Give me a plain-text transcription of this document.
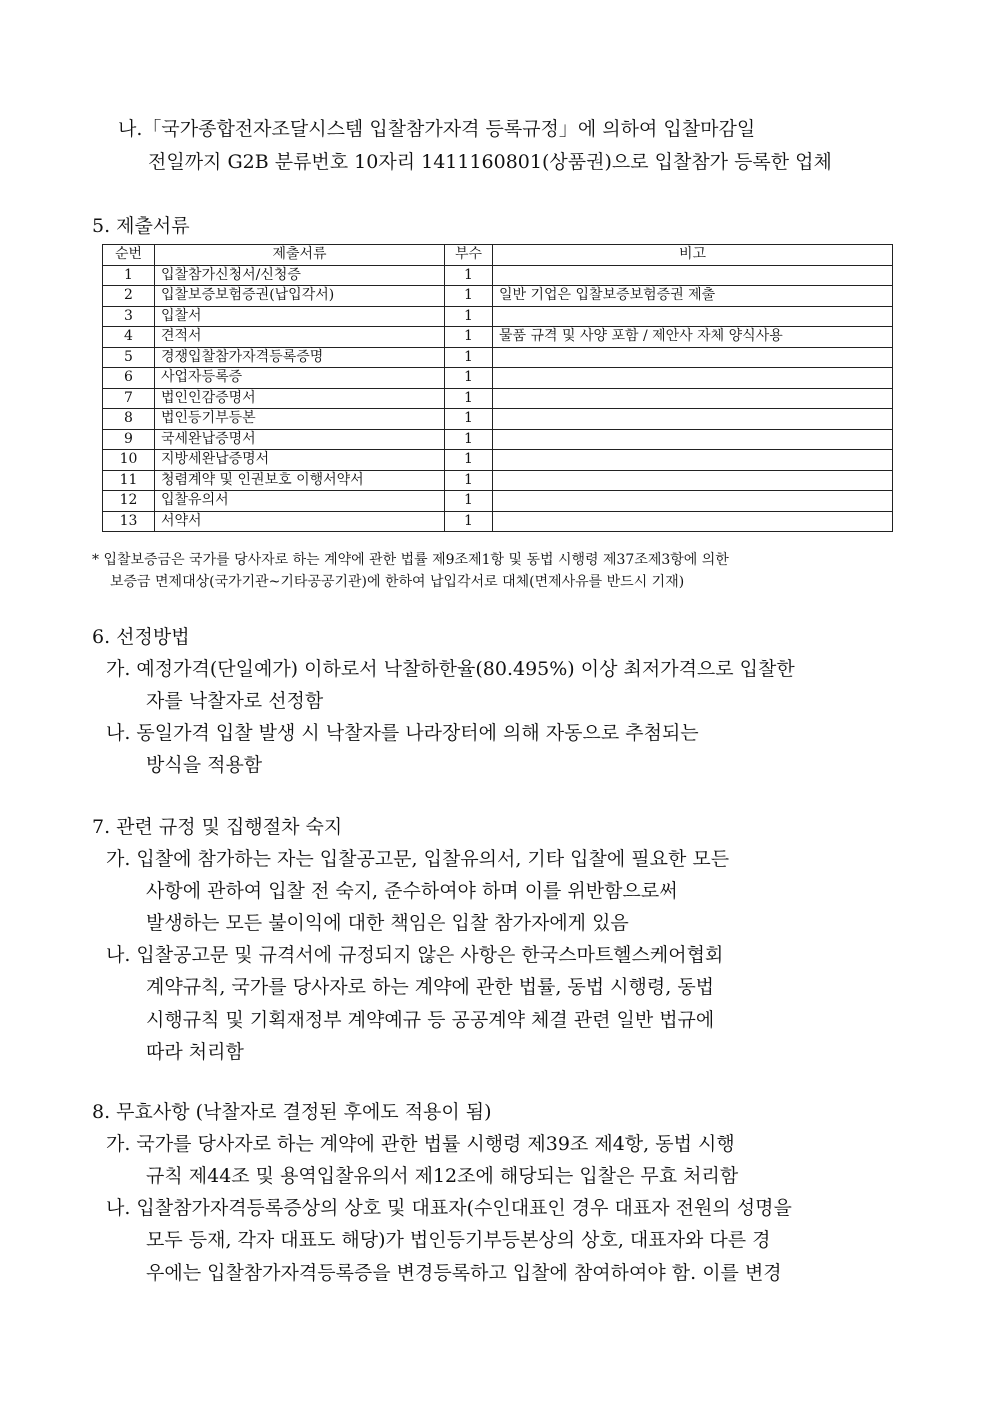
나.「국가종합전자조달시스템 입찰참가자격 등록규정」에 의하여 입찰마감일
전일까지 G2B 분류번호 10자리 1411160801(상품권)으로 입찰참가 등록한 업체
5. 제출서류
순번	제출서류	부수	비고
1	입찰참가신청서/신청증	1	
2	입찰보증보험증권(납입각서)	1	일반 기업은 입찰보증보험증권 제출
3	입찰서	1	
4	견적서	1	물품 규격 및 사양 포함 / 제안사 자체 양식사용
5	경쟁입찰참가자격등록증명	1	
6	사업자등록증	1	
7	법인인감증명서	1	
8	법인등기부등본	1	
9	국세완납증명서	1	
10	지방세완납증명서	1	
11	청렴계약 및 인권보호 이행서약서	1	
12	입찰유의서	1	
13	서약서	1	
* 입찰보증금은 국가를 당사자로 하는 계약에 관한 법률 제9조제1항 및 동법 시행령 제37조제3항에 의한
보증금 면제대상(국가기관~기타공공기관)에 한하여 납입각서로 대체(면제사유를 반드시 기재)
6. 선정방법
가. 예정가격(단일예가) 이하로서 낙찰하한율(80.495%) 이상 최저가격으로 입찰한
자를 낙찰자로 선정함
나. 동일가격 입찰 발생 시 낙찰자를 나라장터에 의해 자동으로 추첨되는
방식을 적용함
7. 관련 규정 및 집행절차 숙지
가. 입찰에 참가하는 자는 입찰공고문, 입찰유의서, 기타 입찰에 필요한 모든
사항에 관하여 입찰 전 숙지, 준수하여야 하며 이를 위반함으로써
발생하는 모든 불이익에 대한 책임은 입찰 참가자에게 있음
나. 입찰공고문 및 규격서에 규정되지 않은 사항은 한국스마트헬스케어협회
계약규칙, 국가를 당사자로 하는 계약에 관한 법률, 동법 시행령, 동법
시행규칙 및 기획재정부 계약예규 등 공공계약 체결 관련 일반 법규에
따라 처리함
8. 무효사항 (낙찰자로 결정된 후에도 적용이 됨)
가. 국가를 당사자로 하는 계약에 관한 법률 시행령 제39조 제4항, 동법 시행
규칙 제44조 및 용역입찰유의서 제12조에 해당되는 입찰은 무효 처리함
나. 입찰참가자격등록증상의 상호 및 대표자(수인대표인 경우 대표자 전원의 성명을
모두 등재, 각자 대표도 해당)가 법인등기부등본상의 상호, 대표자와 다른 경
우에는 입찰참가자격등록증을 변경등록하고 입찰에 참여하여야 함. 이를 변경
